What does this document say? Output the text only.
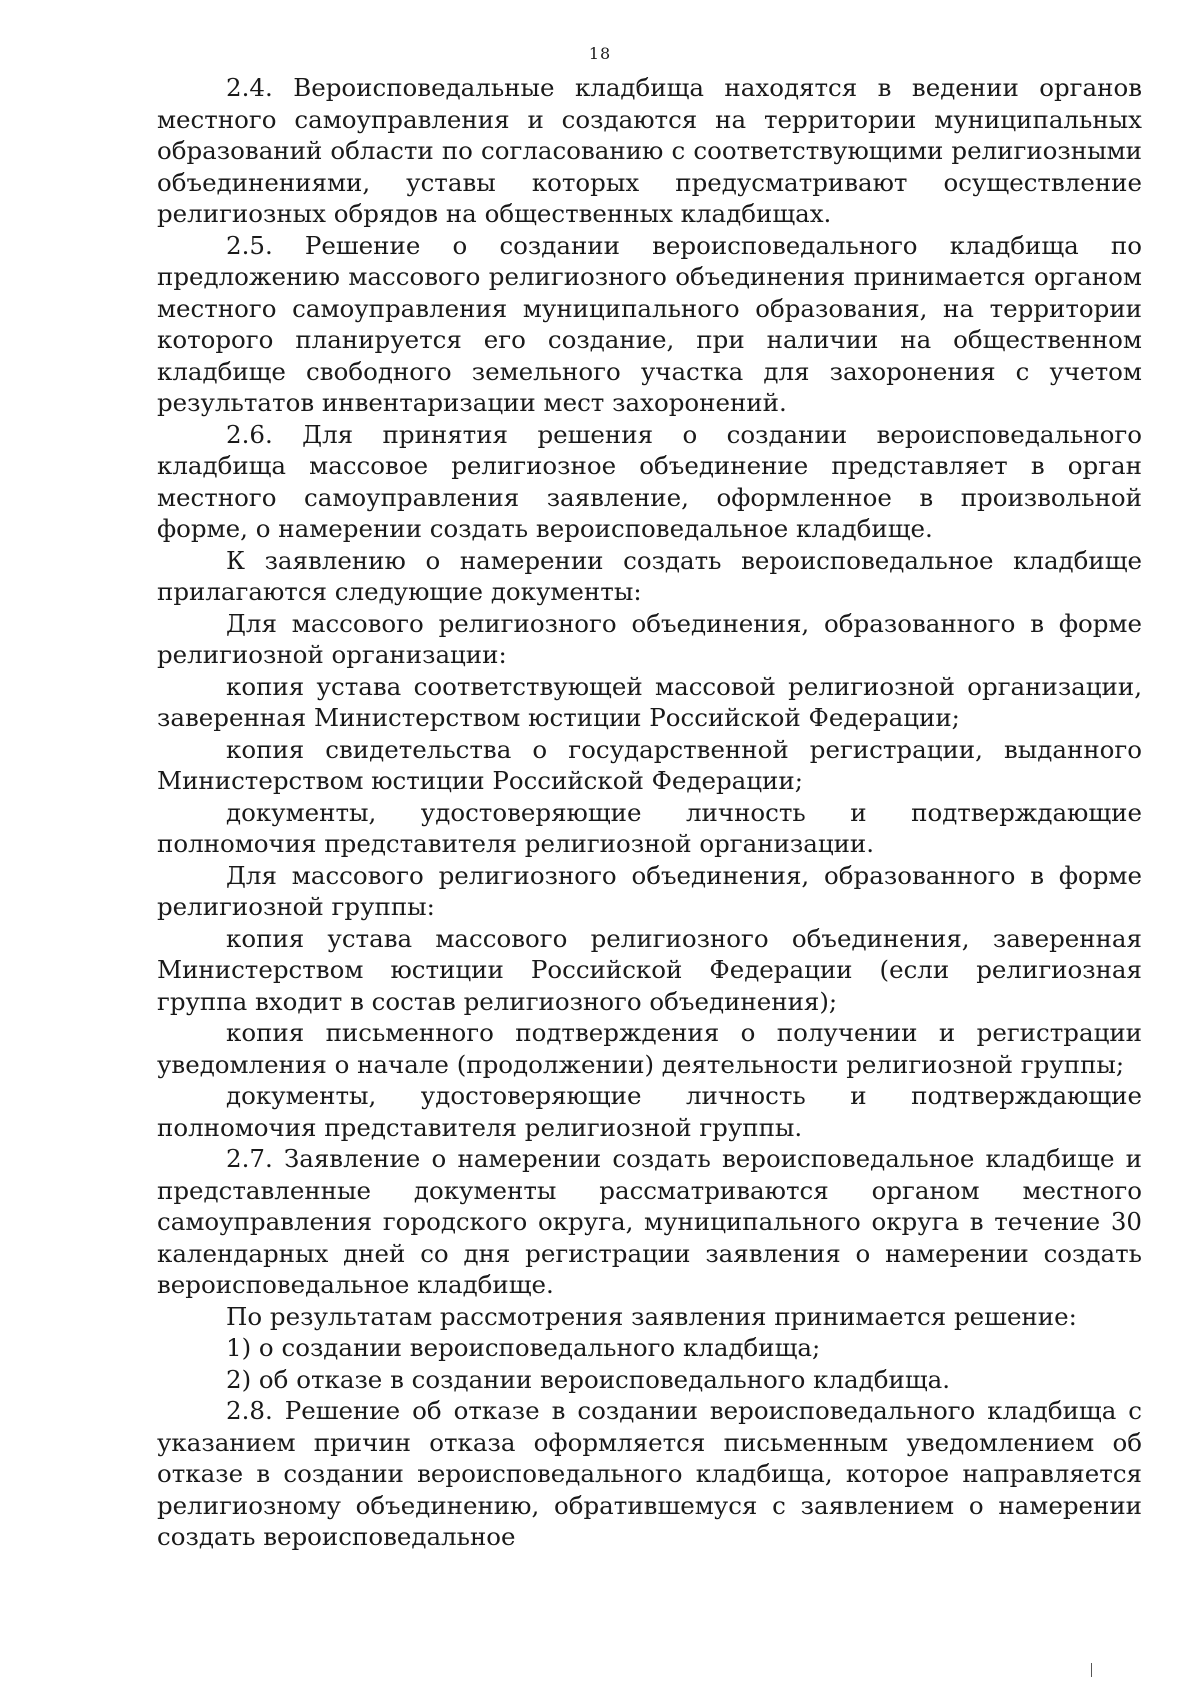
18

2.4. Вероисповедальные кладбища находятся в ведении органов местного самоуправления и создаются на территории муниципальных образований области по согласованию с соответствующими религиозными объединениями, уставы которых предусматривают осуществление религиозных обрядов на общественных кладбищах.

2.5. Решение о создании вероисповедального кладбища по предложению массового религиозного объединения принимается органом местного самоуправления муниципального образования, на территории которого планируется его создание, при наличии на общественном кладбище свободного земельного участка для захоронения с учетом результатов инвентаризации мест захоронений.

2.6. Для принятия решения о создании вероисповедального кладбища массовое религиозное объединение представляет в орган местного самоуправления заявление, оформленное в произвольной форме, о намерении создать вероисповедальное кладбище.

К заявлению о намерении создать вероисповедальное кладбище прилагаются следующие документы:

Для массового религиозного объединения, образованного в форме религиозной организации:

копия устава соответствующей массовой религиозной организации, заверенная Министерством юстиции Российской Федерации;

копия свидетельства о государственной регистрации, выданного Министерством юстиции Российской Федерации;

документы, удостоверяющие личность и подтверждающие полномочия представителя религиозной организации.

Для массового религиозного объединения, образованного в форме религиозной группы:

копия устава массового религиозного объединения, заверенная Министерством юстиции Российской Федерации (если религиозная группа входит в состав религиозного объединения);

копия письменного подтверждения о получении и регистрации уведомления о начале (продолжении) деятельности религиозной группы;

документы, удостоверяющие личность и подтверждающие полномочия представителя религиозной группы.

2.7. Заявление о намерении создать вероисповедальное кладбище и представленные документы рассматриваются органом местного самоуправления городского округа, муниципального округа в течение 30 календарных дней со дня регистрации заявления о намерении создать вероисповедальное кладбище.

По результатам рассмотрения заявления принимается решение:

1) о создании вероисповедального кладбища;

2) об отказе в создании вероисповедального кладбища.

2.8. Решение об отказе в создании вероисповедального кладбища с указанием причин отказа оформляется письменным уведомлением об отказе в создании вероисповедального кладбища, которое направляется религиозному объединению, обратившемуся с заявлением о намерении создать вероисповедальное
